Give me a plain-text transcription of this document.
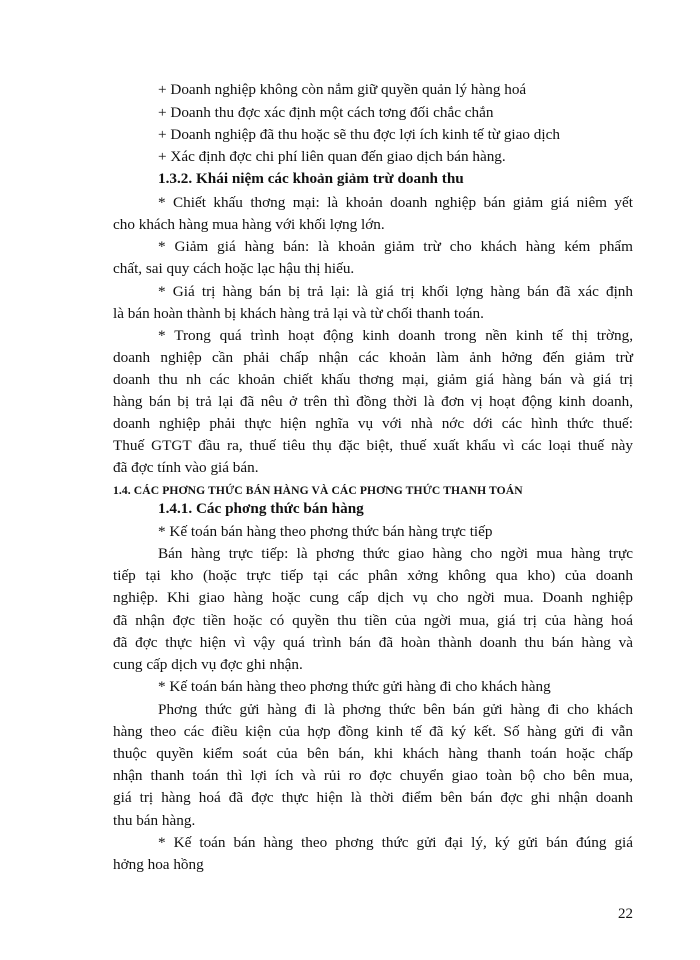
+ Doanh nghiệp không còn nắm giữ quyền quản lý hàng hoá
+ Doanh thu đợc xác định một cách tơng đối chắc chắn
+ Doanh nghiệp đã thu hoặc sẽ thu đợc lợi ích kinh tế từ giao dịch
+ Xác định đợc chi phí liên quan đến giao dịch bán hàng.
1.3.2. Khái niệm các khoản giảm trừ doanh thu
* Chiết khấu thơng mại: là khoản doanh nghiệp bán giảm giá niêm yết
cho khách hàng mua hàng với khối lợng lớn.
* Giảm giá hàng bán: là khoản giảm trừ cho khách hàng kém phẩm
chất, sai quy cách hoặc lạc hậu thị hiếu.
* Giá trị hàng bán bị trả lại: là giá trị khối lợng hàng bán đã xác định
là bán hoàn thành bị khách hàng trả lại và từ chối thanh toán.
* Trong quá trình hoạt động kinh doanh trong nền kinh tế thị trờng,
doanh nghiệp cần phải chấp nhận các khoản làm ảnh hởng đến giảm trừ
doanh thu nh các khoản chiết khấu thơng mại, giảm giá hàng bán và giá trị
hàng bán bị trả lại đã nêu ở trên thì đồng thời là đơn vị hoạt động kinh doanh,
doanh nghiệp phải thực hiện nghĩa vụ với nhà nớc dới các hình thức thuế:
Thuế GTGT đầu ra, thuế tiêu thụ đặc biệt, thuế xuất khẩu vì các loại thuế này
đã đợc tính vào giá bán.
1.4. CÁC PHƠNG THỨC BÁN HÀNG VÀ CÁC PHƠNG THỨC THANH TOÁN
1.4.1. Các phơng thức bán hàng
* Kế toán bán hàng theo phơng thức bán hàng trực tiếp
Bán hàng trực tiếp: là phơng thức giao hàng cho ngời mua hàng trực
tiếp tại kho (hoặc trực tiếp tại các phân xởng không qua kho) của doanh
nghiệp. Khi giao hàng hoặc cung cấp dịch vụ cho ngời mua. Doanh nghiệp
đã nhận đợc tiền hoặc có quyền thu tiền của ngời mua, giá trị của hàng hoá
đã đợc thực hiện vì vậy quá trình bán đã hoàn thành doanh thu bán hàng và
cung cấp dịch vụ đợc ghi nhận.
* Kế toán bán hàng theo phơng thức gửi hàng đi cho khách hàng
Phơng thức gửi hàng đi là phơng thức bên bán gửi hàng đi cho khách
hàng theo các điều kiện của hợp đồng kinh tế đã ký kết. Số hàng gửi đi vẫn
thuộc quyền kiểm soát của bên bán, khi khách hàng thanh toán hoặc chấp
nhận thanh toán thì lợi ích và rủi ro đợc chuyển giao toàn bộ cho bên mua,
giá trị hàng hoá đã đợc thực hiện là thời điểm bên bán đợc ghi nhận doanh
thu bán hàng.
* Kế toán bán hàng theo phơng thức gửi đại lý, ký gửi bán đúng giá
hởng hoa hồng
22
